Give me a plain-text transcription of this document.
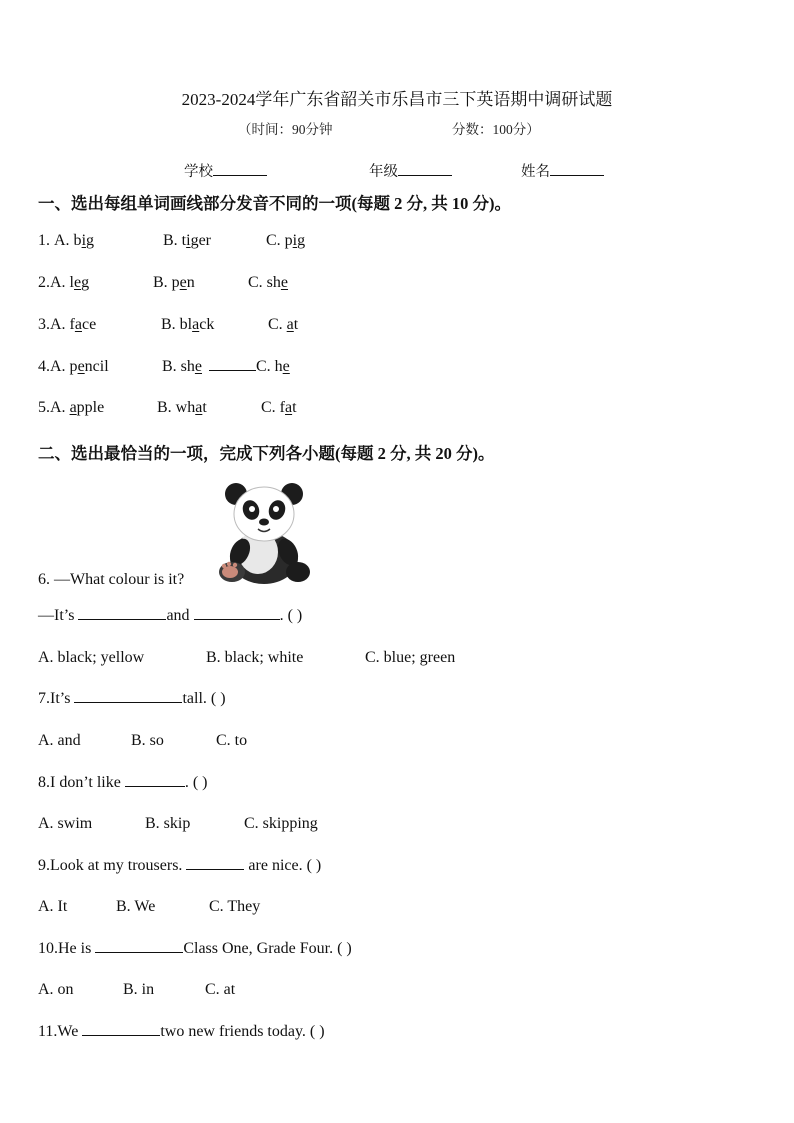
2023-2024学年广东省韶关市乐昌市三下英语期中调研试题
（时间：90分钟	分数：100分）
学校	年级	姓名
一、选出每组单词画线部分发音不同的一项(每题 2 分, 共 10 分)。
1. A. big	B. tiger	C. pig
2.A. leg	B. pen	C. she
3.A. face	B. black	C. at
4.A. pencil	B. she	C. he
5.A. apple	B. what	C. fat
二、选出最恰当的一项，完成下列各小题(每题 2 分, 共 20 分)。
6. —What colour is it?
—It’s	and	. ( )
A. black; yellow	B. black; white	C. blue; green
7.It’s	tall. ( )
A. and	B. so	C. to
8.I don’t like	. ( )
A. swim	B. skip	C. skipping
9.Look at my trousers.	are nice. ( )
A. It	B. We	C. They
10.He is	Class One, Grade Four. ( )
A. on	B. in	C. at
11.We	two new friends today. ( )
